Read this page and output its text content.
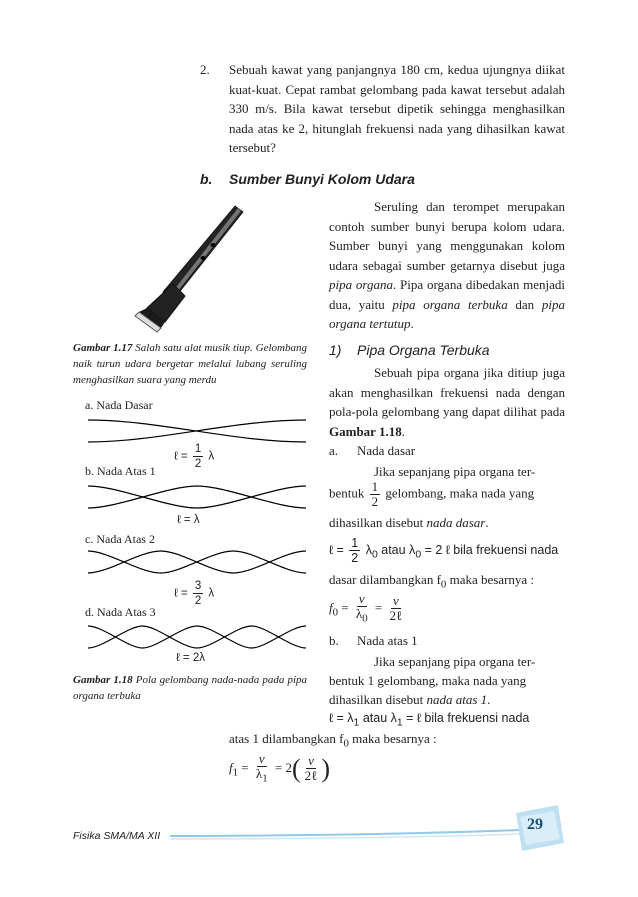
2. Sebuah kawat yang panjangnya 180 cm, kedua ujungnya diikat kuat-kuat. Cepat rambat gelombang pada kawat tersebut adalah 330 m/s. Bila kawat tersebut dipetik sehingga menghasilkan nada atas ke 2, hitunglah frekuensi nada yang dihasilkan kawat tersebut?
b. Sumber Bunyi Kolom Udara
Seruling dan terompet merupakan contoh sumber bunyi berupa kolom udara. Sumber bunyi yang menggunakan kolom udara sebagai sumber getarnya disebut juga pipa organa. Pipa organa dibedakan menjadi dua, yaitu pipa organa terbuka dan pipa organa tertutup.
Gambar 1.17 Salah satu alat musik tiup. Gelombang naik turun udara bergetar melalui lubang seruling menghasilkan suara yang merdu
1) Pipa Organa Terbuka
a. Nada Dasar
ℓ = $\frac{1}{2}$ λ
b. Nada Atas 1
ℓ = λ
c. Nada Atas 2
ℓ = $\frac{3}{2}$ λ
d. Nada Atas 3
ℓ = 2λ
Gambar 1.18 Pola gelombang nada-nada pada pipa organa terbuka
Sebuah pipa organa jika ditiup juga akan menghasilkan frekuensi nada dengan pola-pola gelombang yang dapat dilihat pada Gambar 1.18.
a. Nada dasar
Jika sepanjang pipa organa ter-
bentuk $\frac{1}{2}$ gelombang, maka nada yang
dihasilkan disebut nada dasar.
ℓ = $\frac{1}{2} \lambda_0$ atau $\lambda_0 = 2$ ℓ bila frekuensi nada
dasar dilambangkan $f_0$ maka besarnya :
$f_0 = \frac{v}{\lambda_0} = \frac{v}{\text{2ℓ}}$
b. Nada atas 1
Jika sepanjang pipa organa ter-
bentuk 1 gelombang, maka nada yang
dihasilkan disebut nada atas 1.
ℓ = $\lambda_1$ atau $\lambda_1$ = ℓ bila frekuensi nada
atas 1 dilambangkan $f_0$ maka besarnya :
$f_1 = \frac{v}{\lambda_1} = 2( \frac{v}{\text{2ℓ}}$ )
Fisika SMA/MA XII
29
